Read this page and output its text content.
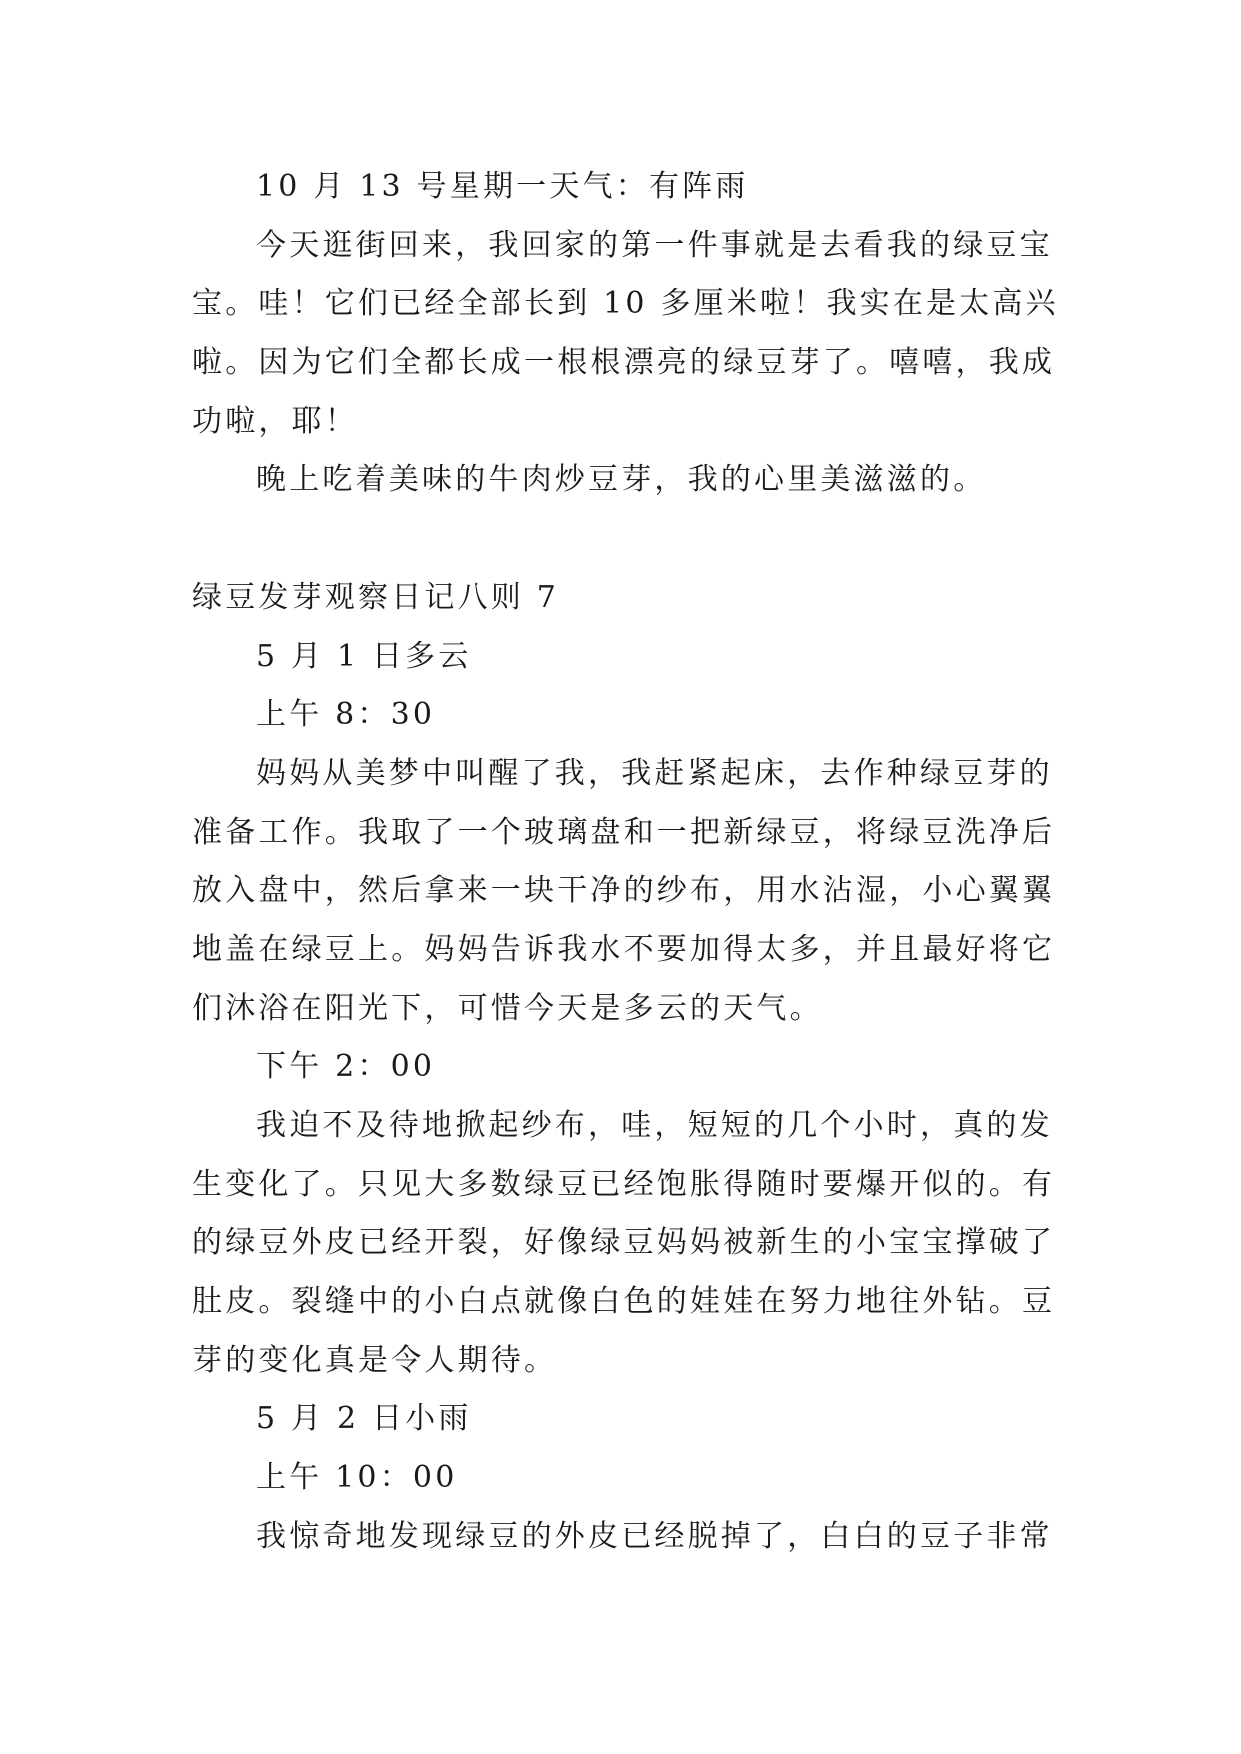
10 月 13 号星期一天气：有阵雨
今天逛街回来，我回家的第一件事就是去看我的绿豆宝
宝。哇！它们已经全部长到 10 多厘米啦！我实在是太高兴
啦。因为它们全都长成一根根漂亮的绿豆芽了。嘻嘻，我成
功啦，耶！
晚上吃着美味的牛肉炒豆芽，我的心里美滋滋的。
绿豆发芽观察日记八则 7
5 月 1 日多云
上午 8：30
妈妈从美梦中叫醒了我，我赶紧起床，去作种绿豆芽的
准备工作。我取了一个玻璃盘和一把新绿豆，将绿豆洗净后
放入盘中，然后拿来一块干净的纱布，用水沾湿，小心翼翼
地盖在绿豆上。妈妈告诉我水不要加得太多，并且最好将它
们沐浴在阳光下，可惜今天是多云的天气。
下午 2：00
我迫不及待地掀起纱布，哇，短短的几个小时，真的发
生变化了。只见大多数绿豆已经饱胀得随时要爆开似的。有
的绿豆外皮已经开裂，好像绿豆妈妈被新生的小宝宝撑破了
肚皮。裂缝中的小白点就像白色的娃娃在努力地往外钻。豆
芽的变化真是令人期待。
5 月 2 日小雨
上午 10：00
我惊奇地发现绿豆的外皮已经脱掉了，白白的豆子非常
